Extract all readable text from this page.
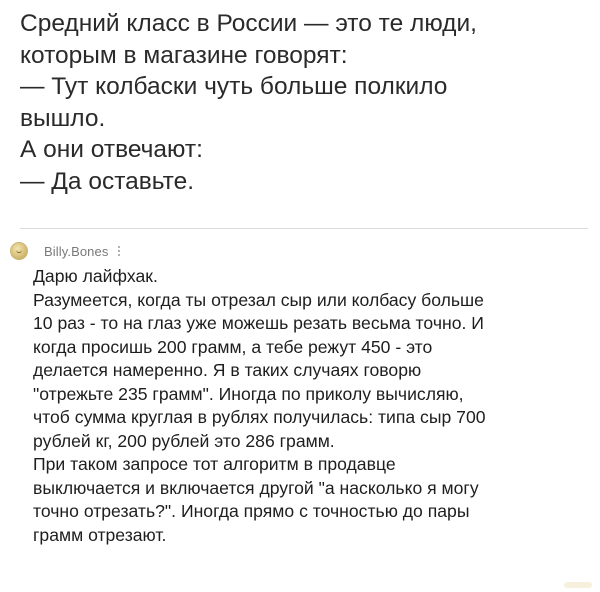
Средний класс в России — это те люди,
которым в магазине говорят:
— Тут колбаски чуть больше полкило
вышло.
А они отвечают:
— Да оставьте.
Billy.Bones
Дарю лайфхак.
Разумеется, когда ты отрезал сыр или колбасу больше
10 раз - то на глаз уже можешь резать весьма точно. И
когда просишь 200 грамм, а тебе режут 450 - это
делается намеренно. Я в таких случаях говорю
"отрежьте 235 грамм". Иногда по приколу вычисляю,
чтоб сумма круглая в рублях получилась: типа сыр 700
рублей кг, 200 рублей это 286 грамм.
При таком запросе тот алгоритм в продавце
выключается и включается другой "а насколько я могу
точно отрезать?". Иногда прямо с точностью до пары
грамм отрезают.
